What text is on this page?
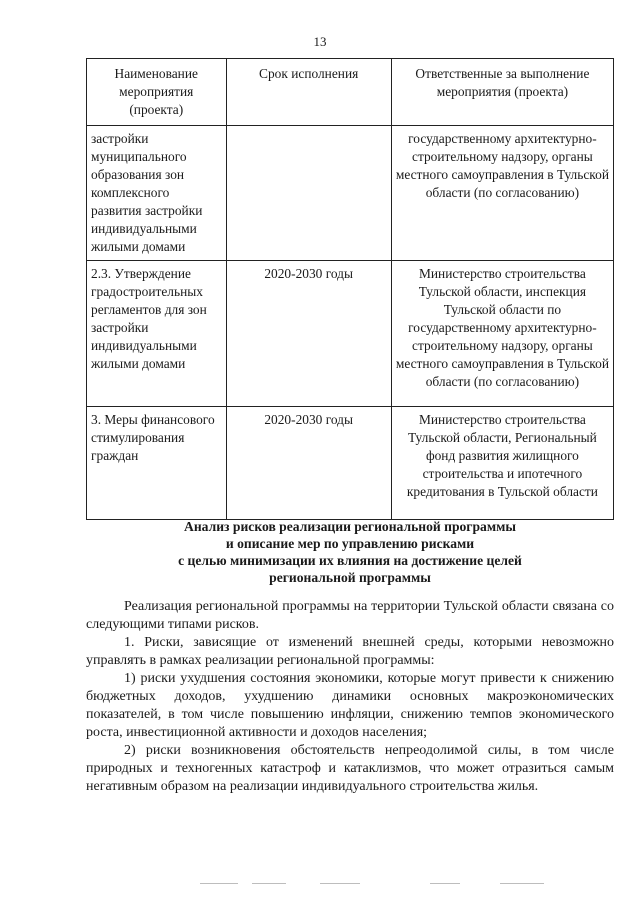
13
Наименование мероприятия (проекта)	Срок исполнения	Ответственные за выполнение мероприятия (проекта)
застройки муниципального образования зон комплексного развития застройки индивидуальными жилыми домами		государственному архитектурно-строительному надзору, органы местного самоуправления в Тульской области (по согласованию)
2.3. Утверждение градостроительных регламентов для зон застройки индивидуальными жилыми домами	2020-2030 годы	Министерство строительства Тульской области, инспекция Тульской области по государственному архитектурно-строительному надзору, органы местного самоуправления в Тульской области (по согласованию)
3. Меры финансового стимулирования граждан	2020-2030 годы	Министерство строительства Тульской области, Региональный фонд развития жилищного строительства и ипотечного кредитования в Тульской области
Анализ рисков реализации региональной программы
и описание мер по управлению рисками
с целью минимизации их влияния на достижение целей
региональной программы

Реализация региональной программы на территории Тульской области связана со следующими типами рисков.

1. Риски, зависящие от изменений внешней среды, которыми невозможно управлять в рамках реализации региональной программы:

1) риски ухудшения состояния экономики, которые могут привести к снижению бюджетных доходов, ухудшению динамики основных макроэкономических показателей, в том числе повышению инфляции, снижению темпов экономического роста, инвестиционной активности и доходов населения;

2) риски возникновения обстоятельств непреодолимой силы, в том числе природных и техногенных катастроф и катаклизмов, что может отразиться самым негативным образом на реализации индивидуального строительства жилья.
